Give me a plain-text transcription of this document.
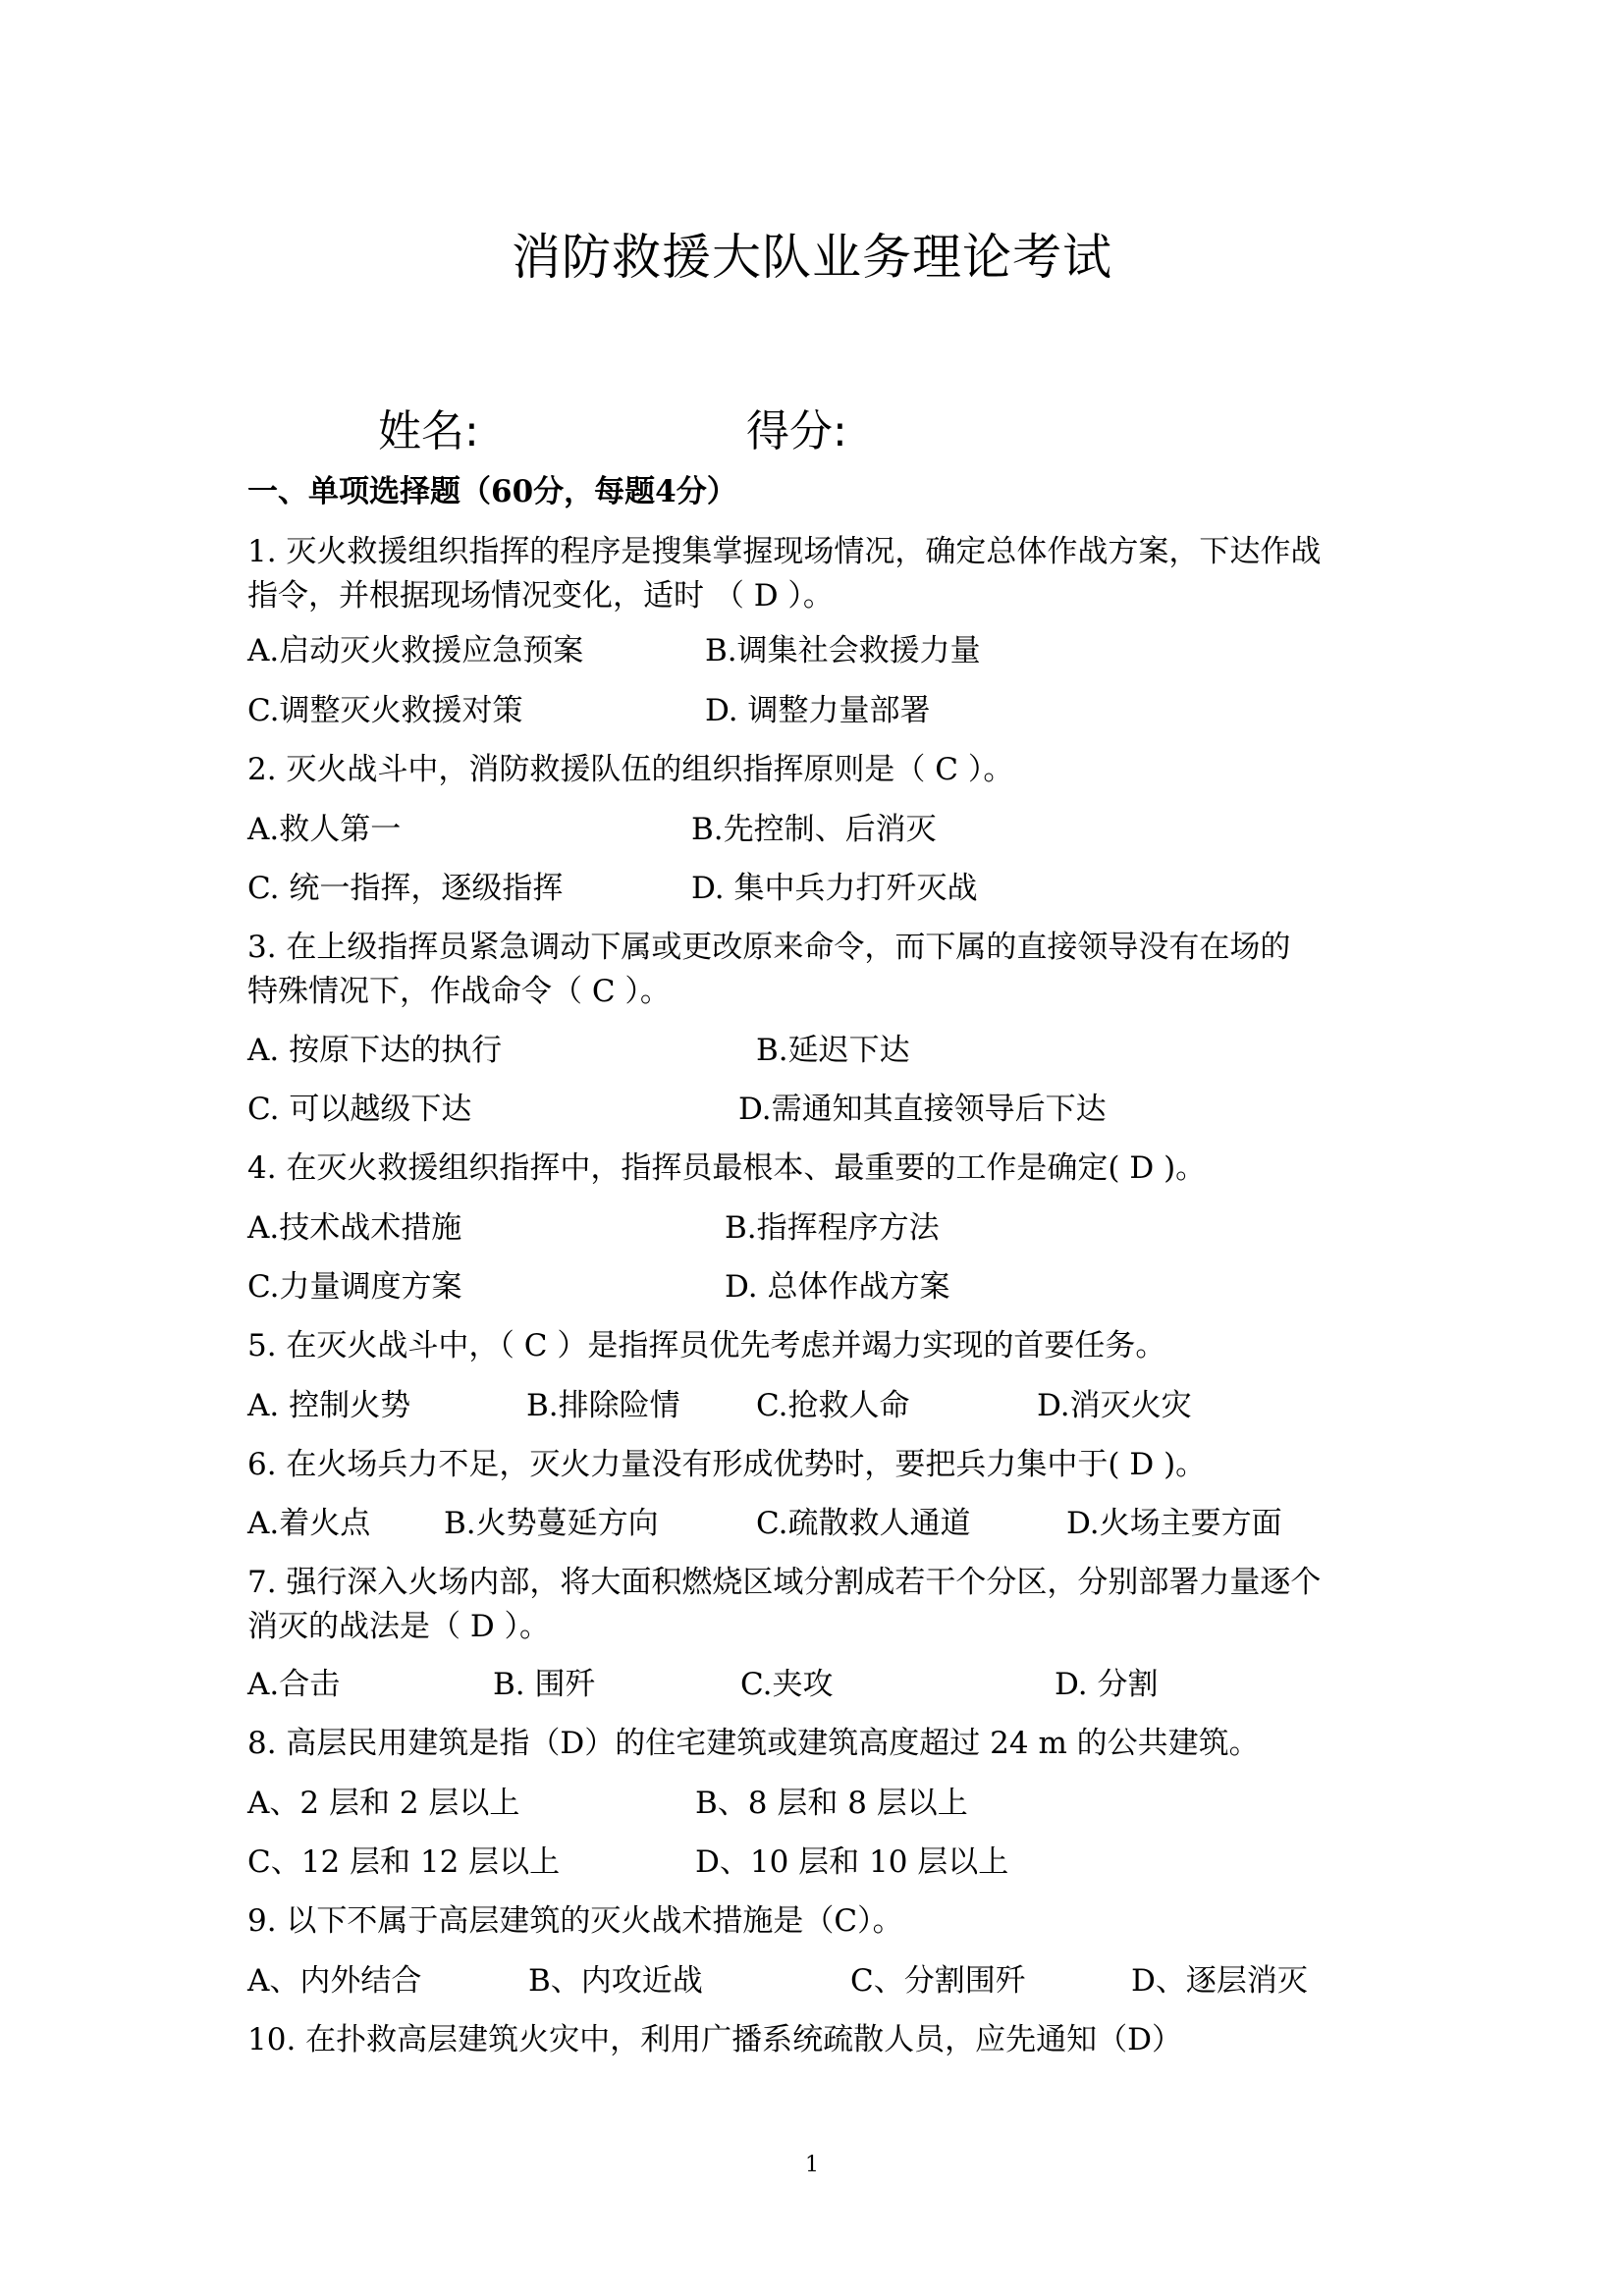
消防救援大队业务理论考试
姓名:	得分:
一、单项选择题（60分，每题4分）
1. 灭火救援组织指挥的程序是搜集掌握现场情况，确定总体作战方案，下达作战
指令，并根据现场情况变化，适时 （ D ）。
A.启动灭火救援应急预案	B.调集社会救援力量
C.调整灭火救援对策	D. 调整力量部署
2. 灭火战斗中，消防救援队伍的组织指挥原则是（ C ）。
A.救人第一	B.先控制、后消灭
C. 统一指挥，逐级指挥	D. 集中兵力打歼灭战
3. 在上级指挥员紧急调动下属或更改原来命令，而下属的直接领导没有在场的
特殊情况下，作战命令（ C ）。
A. 按原下达的执行	B.延迟下达
C. 可以越级下达	D.需通知其直接领导后下达
4. 在灭火救援组织指挥中，指挥员最根本、最重要的工作是确定( D )。
A.技术战术措施	B.指挥程序方法
C.力量调度方案	D. 总体作战方案
5. 在灭火战斗中，（ C ）是指挥员优先考虑并竭力实现的首要任务。
A. 控制火势	B.排除险情 C.抢救人命	D.消灭火灾
6. 在火场兵力不足，灭火力量没有形成优势时，要把兵力集中于( D )。
A.着火点 B.火势蔓延方向	C.疏散救人通道	D.火场主要方面
7. 强行深入火场内部，将大面积燃烧区域分割成若干个分区，分别部署力量逐个
消灭的战法是（ D ）。
A.合击	B. 围歼	C.夹攻	D. 分割
8. 高层民用建筑是指（D）的住宅建筑或建筑高度超过 24 m 的公共建筑。
A、2 层和 2 层以上	B、8 层和 8 层以上
C、12 层和 12 层以上	D、10 层和 10 层以上
9. 以下不属于高层建筑的灭火战术措施是（C）。
A、内外结合	B、内攻近战	C、分割围歼	D、逐层消灭
10. 在扑救高层建筑火灾中，利用广播系统疏散人员，应先通知（D）
1
